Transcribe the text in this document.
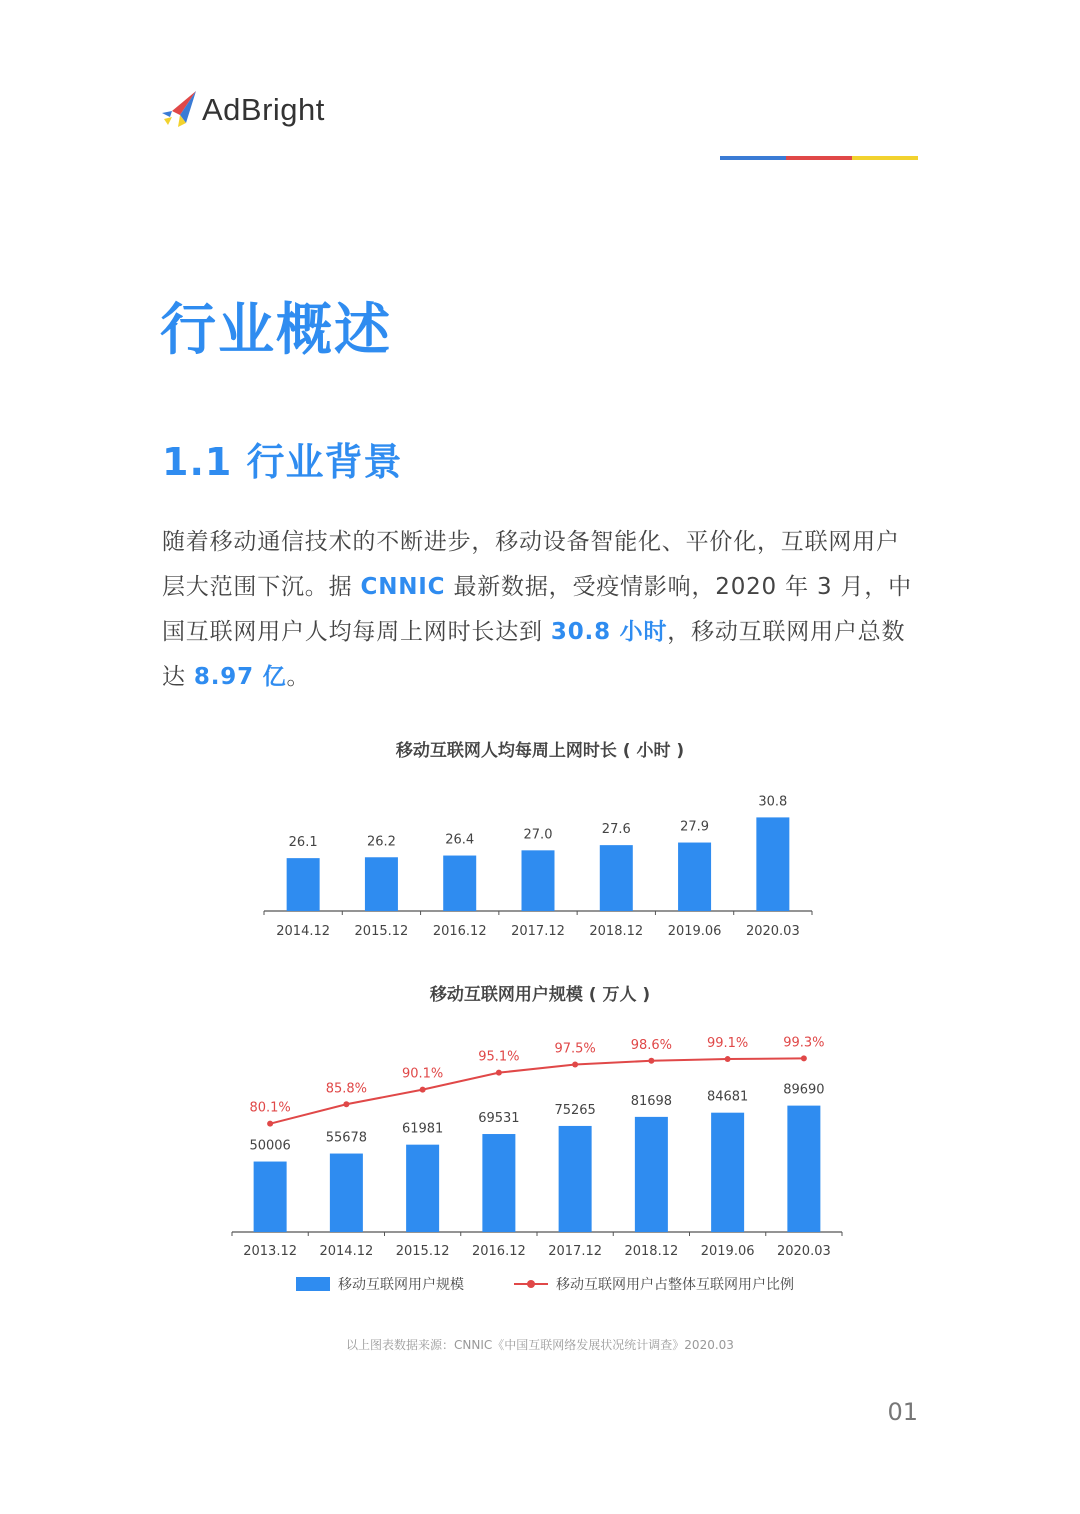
AdBright
行业概述
1.1 行业背景

随着移动通信技术的不断进步，移动设备智能化、平价化，互联网用户层大范围下沉。据 CNNIC 最新数据，受疫情影响，2020 年 3 月，中国互联网用户人均每周上网时长达到 30.8 小时，移动互联网用户总数达 8.97 亿。

移动互联网人均每周上网时长 ( 小时 )
26.1
2014.12
26.2
2015.12
26.4
2016.12
27.0
2017.12
27.6
2018.12
27.9
2019.06
30.8
2020.03
移动互联网用户规模 ( 万人 )
50006
2013.12
55678
2014.12
61981
2015.12
69531
2016.12
75265
2017.12
81698
2018.12
84681
2019.06
89690
2020.03
80.1%
85.8%
90.1%
95.1%
97.5%	98.6%	99.1%	99.3%
移动互联网用户规模	移动互联网用户占整体互联网用户比例
以上图表数据来源：CNNIC《中国互联网络发展状况统计调查》2020.03
01
